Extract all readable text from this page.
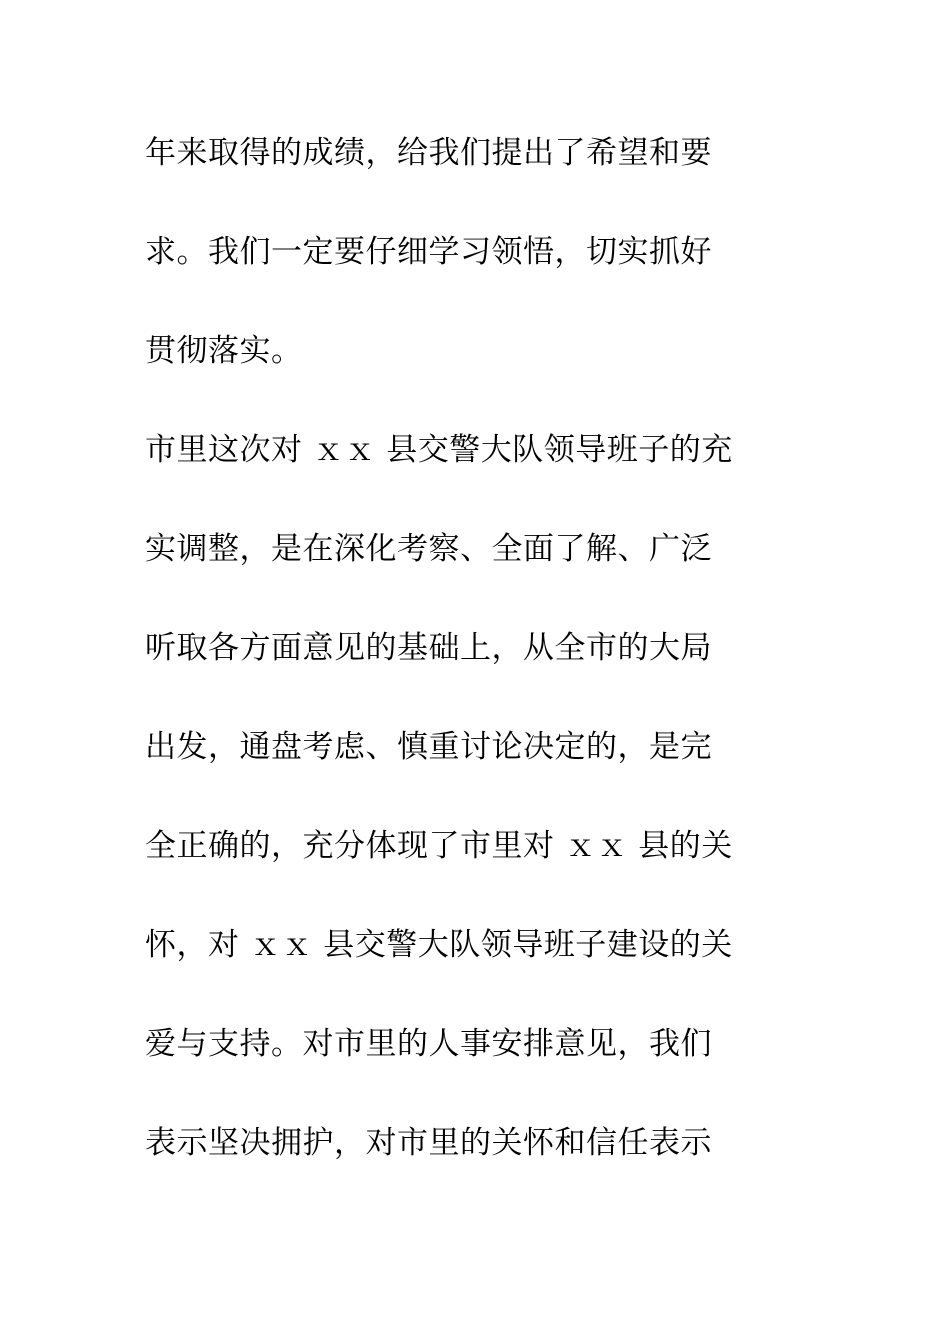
年来取得的成绩，给我们提出了希望和要
求。我们一定要仔细学习领悟，切实抓好
贯彻落实。
市里这次对 ｘｘ 县交警大队领导班子的充
实调整，是在深化考察、全面了解、广泛
听取各方面意见的基础上，从全市的大局
出发，通盘考虑、慎重讨论决定的，是完
全正确的，充分体现了市里对 ｘｘ 县的关
怀，对 ｘｘ 县交警大队领导班子建设的关
爱与支持。对市里的人事安排意见，我们
表示坚决拥护，对市里的关怀和信任表示
